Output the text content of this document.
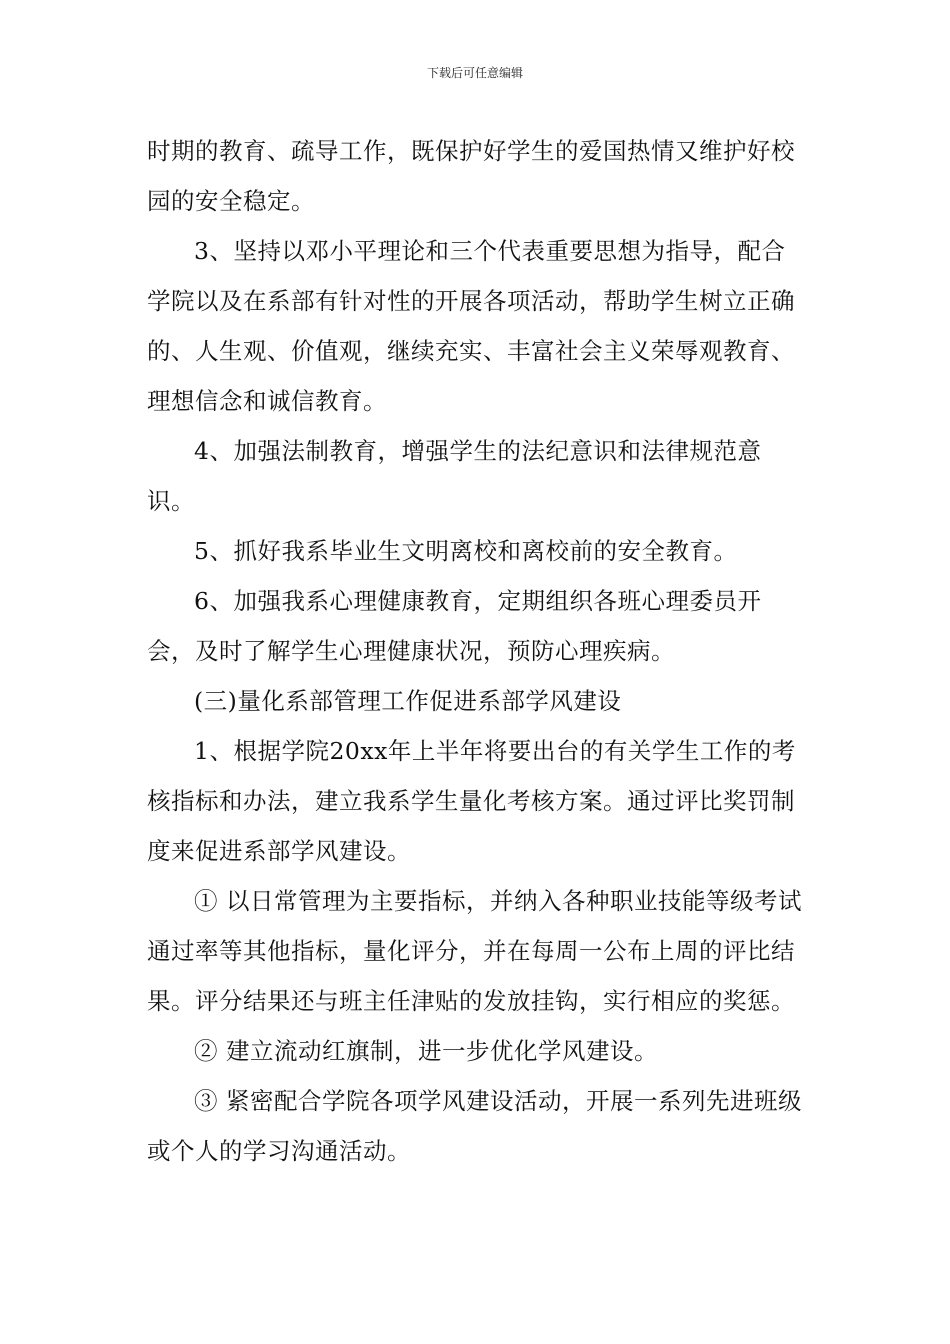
下载后可任意编辑

时期的教育、疏导工作，既保护好学生的爱国热情又维护好校园的安全稳定。

3、坚持以邓小平理论和三个代表重要思想为指导，配合学院以及在系部有针对性的开展各项活动，帮助学生树立正确的、人生观、价值观，继续充实、丰富社会主义荣辱观教育、理想信念和诚信教育。

4、加强法制教育，增强学生的法纪意识和法律规范意识。

5、抓好我系毕业生文明离校和离校前的安全教育。

6、加强我系心理健康教育，定期组织各班心理委员开会，及时了解学生心理健康状况，预防心理疾病。

(三)量化系部管理工作促进系部学风建设

1、根据学院20xx年上半年将要出台的有关学生工作的考核指标和办法，建立我系学生量化考核方案。通过评比奖罚制度来促进系部学风建设。

① 以日常管理为主要指标，并纳入各种职业技能等级考试通过率等其他指标，量化评分，并在每周一公布上周的评比结果。评分结果还与班主任津贴的发放挂钩，实行相应的奖惩。

② 建立流动红旗制，进一步优化学风建设。

③ 紧密配合学院各项学风建设活动，开展一系列先进班级或个人的学习沟通活动。
